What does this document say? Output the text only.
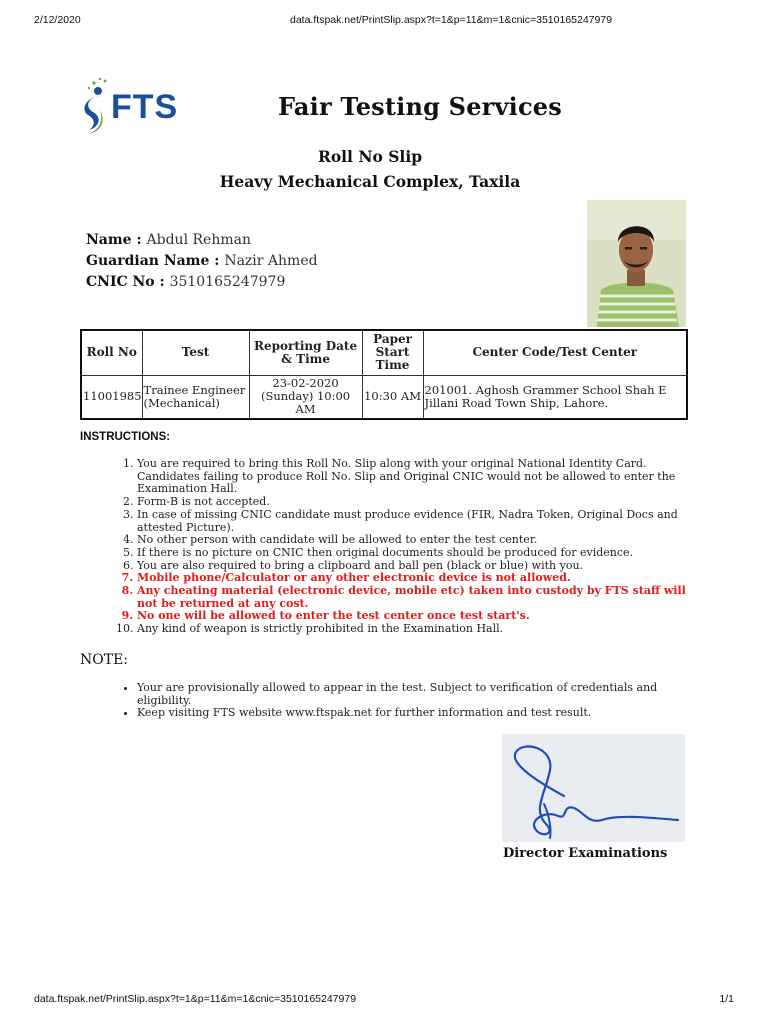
2/12/2020	data.ftspak.net/PrintSlip.aspx?t=1&p=11&m=1&cnic=3510165247979
FTS	Fair Testing Services
Roll No Slip
Heavy Mechanical Complex, Taxila
Name : Abdul Rehman
Guardian Name : Nazir Ahmed
CNIC No : 3510165247979
Roll No	Test	Reporting Date & Time	Paper Start Time	Center Code/Test Center
11001985	Trainee Engineer (Mechanical)	23-02-2020 (Sunday) 10:00 AM	10:30 AM	201001. Aghosh Grammer School Shah E Jillani Road Town Ship, Lahore.
INSTRUCTIONS:
1. You are required to bring this Roll No. Slip along with your original National Identity Card. Candidates failing to produce Roll No. Slip and Original CNIC would not be allowed to enter the Examination Hall.
2. Form-B is not accepted.
3. In case of missing CNIC candidate must produce evidence (FIR, Nadra Token, Original Docs and attested Picture).
4. No other person with candidate will be allowed to enter the test center.
5. If there is no picture on CNIC then original documents should be produced for evidence.
6. You are also required to bring a clipboard and ball pen (black or blue) with you.
7. Mobile phone/Calculator or any other electronic device is not allowed.
8. Any cheating material (electronic device, mobile etc) taken into custody by FTS staff will not be returned at any cost.
9. No one will be allowed to enter the test center once test start's.
10. Any kind of weapon is strictly prohibited in the Examination Hall.
NOTE:
• Your are provisionally allowed to appear in the test. Subject to verification of credentials and eligibility.
• Keep visiting FTS website www.ftspak.net for further information and test result.
Director Examinations
data.ftspak.net/PrintSlip.aspx?t=1&p=11&m=1&cnic=3510165247979	1/1
